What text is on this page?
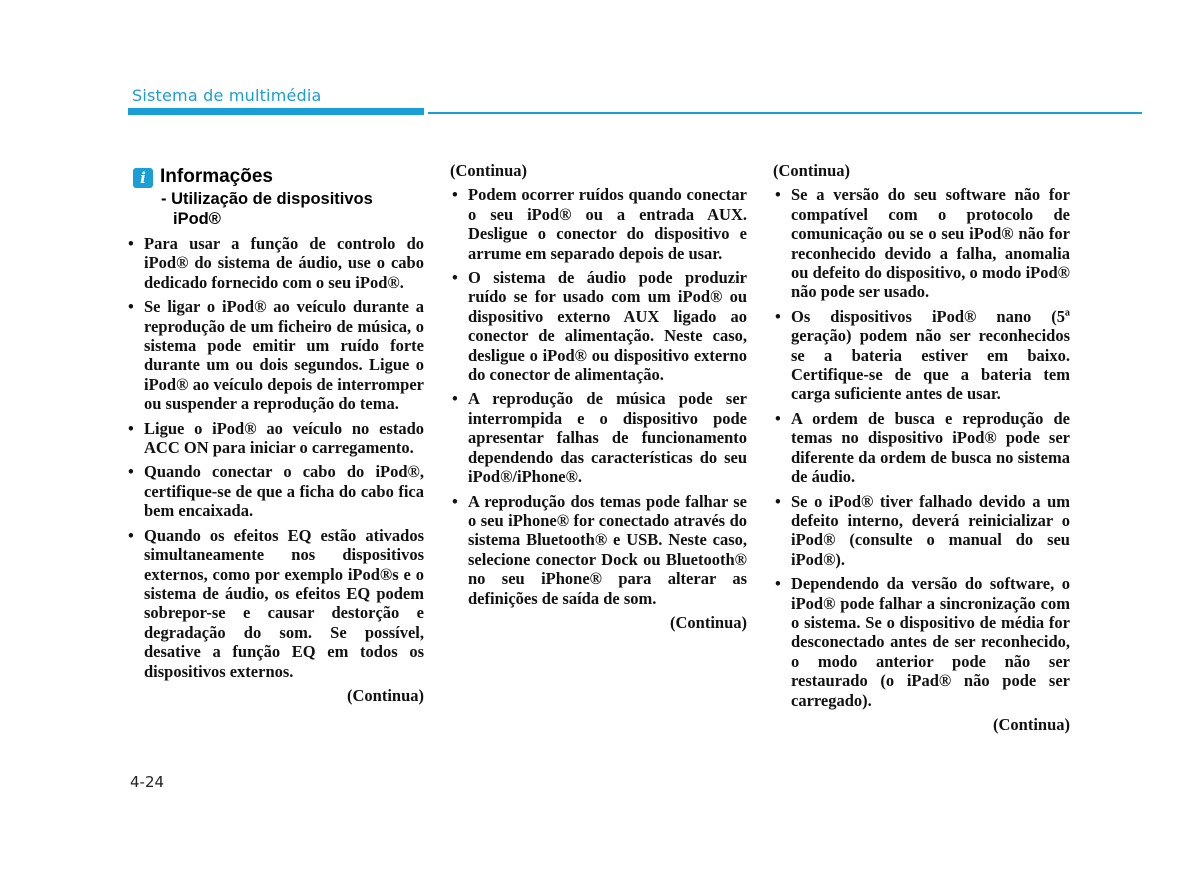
Sistema de multimédia
i Informações
- Utilização de dispositivos
iPod®
• Para usar a função de controlo do iPod® do sistema de áudio, use o cabo dedicado fornecido com o seu iPod®.
• Se ligar o iPod® ao veículo durante a reprodução de um ficheiro de música, o sistema pode emitir um ruído forte durante um ou dois segundos. Ligue o iPod® ao veículo depois de interromper ou suspender a reprodução do tema.
• Ligue o iPod® ao veículo no estado ACC ON para iniciar o carregamento.
• Quando conectar o cabo do iPod®, certifique-se de que a ficha do cabo fica bem encaixada.
• Quando os efeitos EQ estão ativados simultaneamente nos dispositivos externos, como por exemplo iPod®s e o sistema de áudio, os efeitos EQ podem sobrepor-se e causar destorção e degradação do som. Se possível, desative a função EQ em todos os dispositivos externos.
(Continua)
(Continua)
• Podem ocorrer ruídos quando conectar o seu iPod® ou a entrada AUX. Desligue o conector do dispositivo e arrume em separado depois de usar.
• O sistema de áudio pode produzir ruído se for usado com um iPod® ou dispositivo externo AUX ligado ao conector de alimentação. Neste caso, desligue o iPod® ou dispositivo externo do conector de alimentação.
• A reprodução de música pode ser interrompida e o dispositivo pode apresentar falhas de funcionamento dependendo das características do seu iPod®/iPhone®.
• A reprodução dos temas pode falhar se o seu iPhone® for conectado através do sistema Bluetooth® e USB. Neste caso, selecione conector Dock ou Bluetooth® no seu iPhone® para alterar as definições de saída de som.
(Continua)
(Continua)
• Se a versão do seu software não for compatível com o protocolo de comunicação ou se o seu iPod® não for reconhecido devido a falha, anomalia ou defeito do dispositivo, o modo iPod® não pode ser usado.
• Os dispositivos iPod® nano (5ª geração) podem não ser reconhecidos se a bateria estiver em baixo. Certifique-se de que a bateria tem carga suficiente antes de usar.
• A ordem de busca e reprodução de temas no dispositivo iPod® pode ser diferente da ordem de busca no sistema de áudio.
• Se o iPod® tiver falhado devido a um defeito interno, deverá reinicializar o iPod® (consulte o manual do seu iPod®).
• Dependendo da versão do software, o iPod® pode falhar a sincronização com o sistema. Se o dispositivo de média for desconectado antes de ser reconhecido, o modo anterior pode não ser restaurado (o iPad® não pode ser carregado).
(Continua)
4-24
